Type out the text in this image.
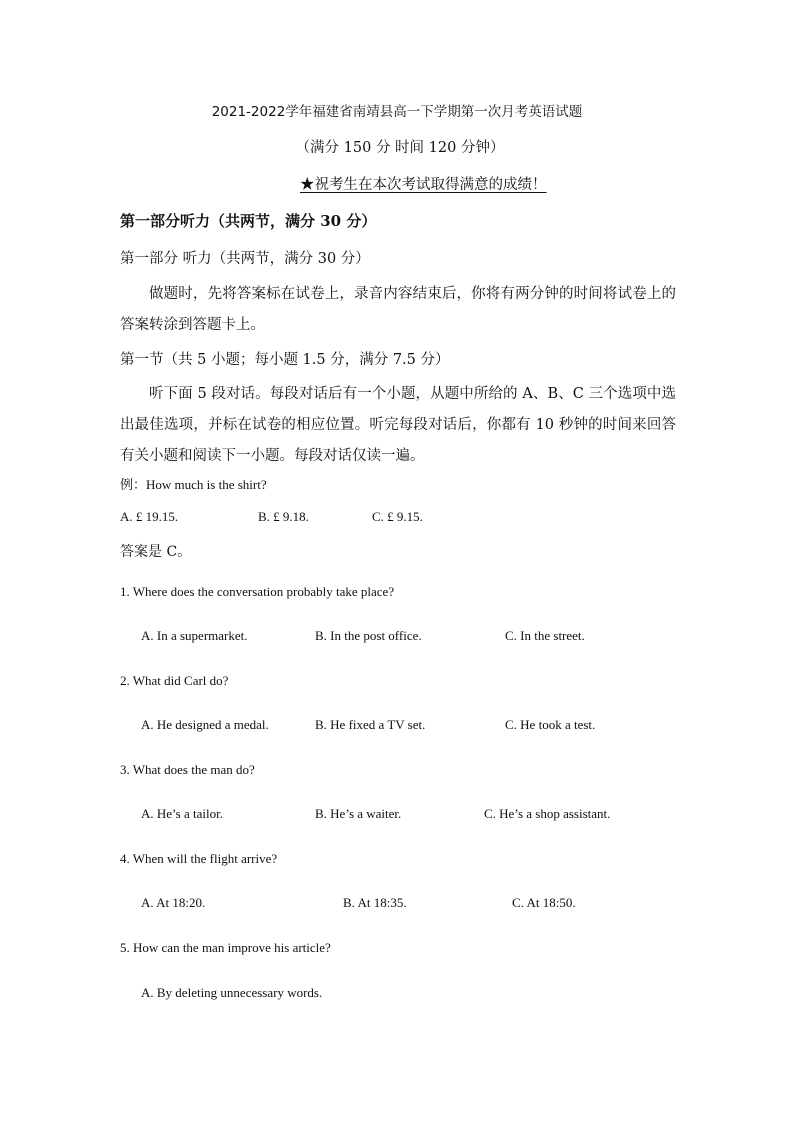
2021-2022学年福建省南靖县高一下学期第一次月考英语试题
（满分 150 分 时间 120 分钟）
★祝考生在本次考试取得满意的成绩！
第一部分听力（共两节，满分 30 分）
第一部分 听力（共两节，满分 30 分）
做题时，先将答案标在试卷上，录音内容结束后，你将有两分钟的时间将试卷上的答案转涂到答题卡上。
第一节（共 5 小题；每小题 1.5 分，满分 7.5 分）
听下面 5 段对话。每段对话后有一个小题，从题中所给的 A、B、C 三个选项中选出最佳选项，并标在试卷的相应位置。听完每段对话后，你都有 10 秒钟的时间来回答有关小题和阅读下一小题。每段对话仅读一遍。
例：How much is the shirt?
A. £ 19.15.	B. £ 9.18.	C. £ 9.15.
答案是 C。
1. Where does the conversation probably take place?
A. In a supermarket.	B. In the post office.	C. In the street.
2. What did Carl do?
A. He designed a medal.	B. He fixed a TV set.	C. He took a test.
3. What does the man do?
A. He’s a tailor.	B. He’s a waiter.	C. He’s a shop assistant.
4. When will the flight arrive?
A. At 18:20.	B. At 18:35.	C. At 18:50.
5. How can the man improve his article?
A. By deleting unnecessary words.
